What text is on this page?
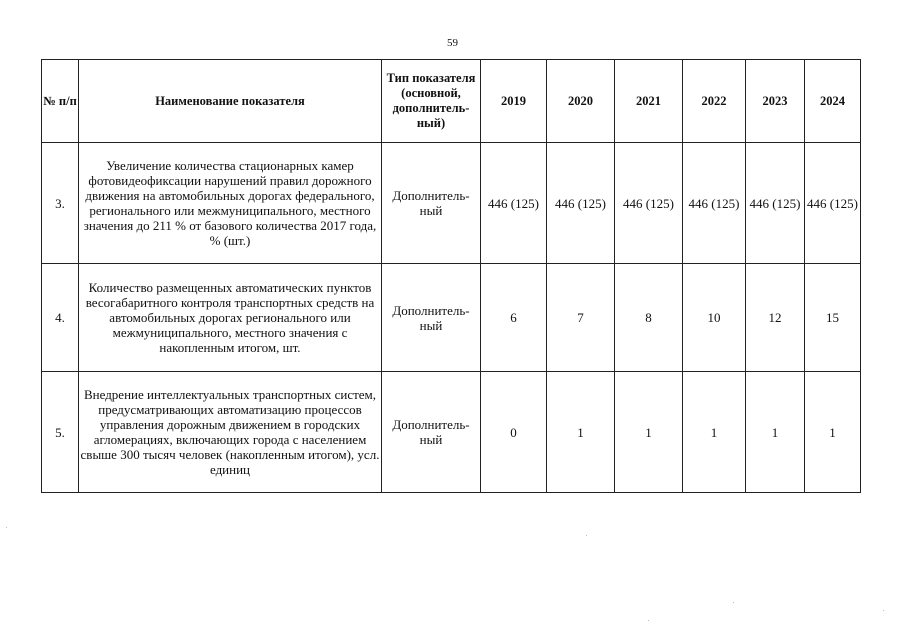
59
№ п/п	Наименование показателя	Тип показателя (основной, дополнитель-ный)	2019	2020	2021	2022	2023	2024
3.	Увеличение количества стационарных камер фотовидеофиксации нарушений правил дорожного движения на автомобильных дорогах федерального, регионального или межмуниципального, местного значения до 211 % от базового количества 2017 года, % (шт.)	Дополнитель-ный	446 (125)	446 (125)	446 (125)	446 (125)	446 (125)	446 (125)
4.	Количество размещенных автоматических пунктов весогабаритного контроля транспортных средств на автомобильных дорогах регионального или межмуниципального, местного значения с накопленным итогом, шт.	Дополнитель-ный	6	7	8	10	12	15
5.	Внедрение интеллектуальных транспортных систем, предусматривающих автоматизацию процессов управления дорожным движением в городских агломерациях, включающих города с населением свыше 300 тысяч человек (накопленным итогом), усл. единиц	Дополнитель-ный	0	1	1	1	1	1
